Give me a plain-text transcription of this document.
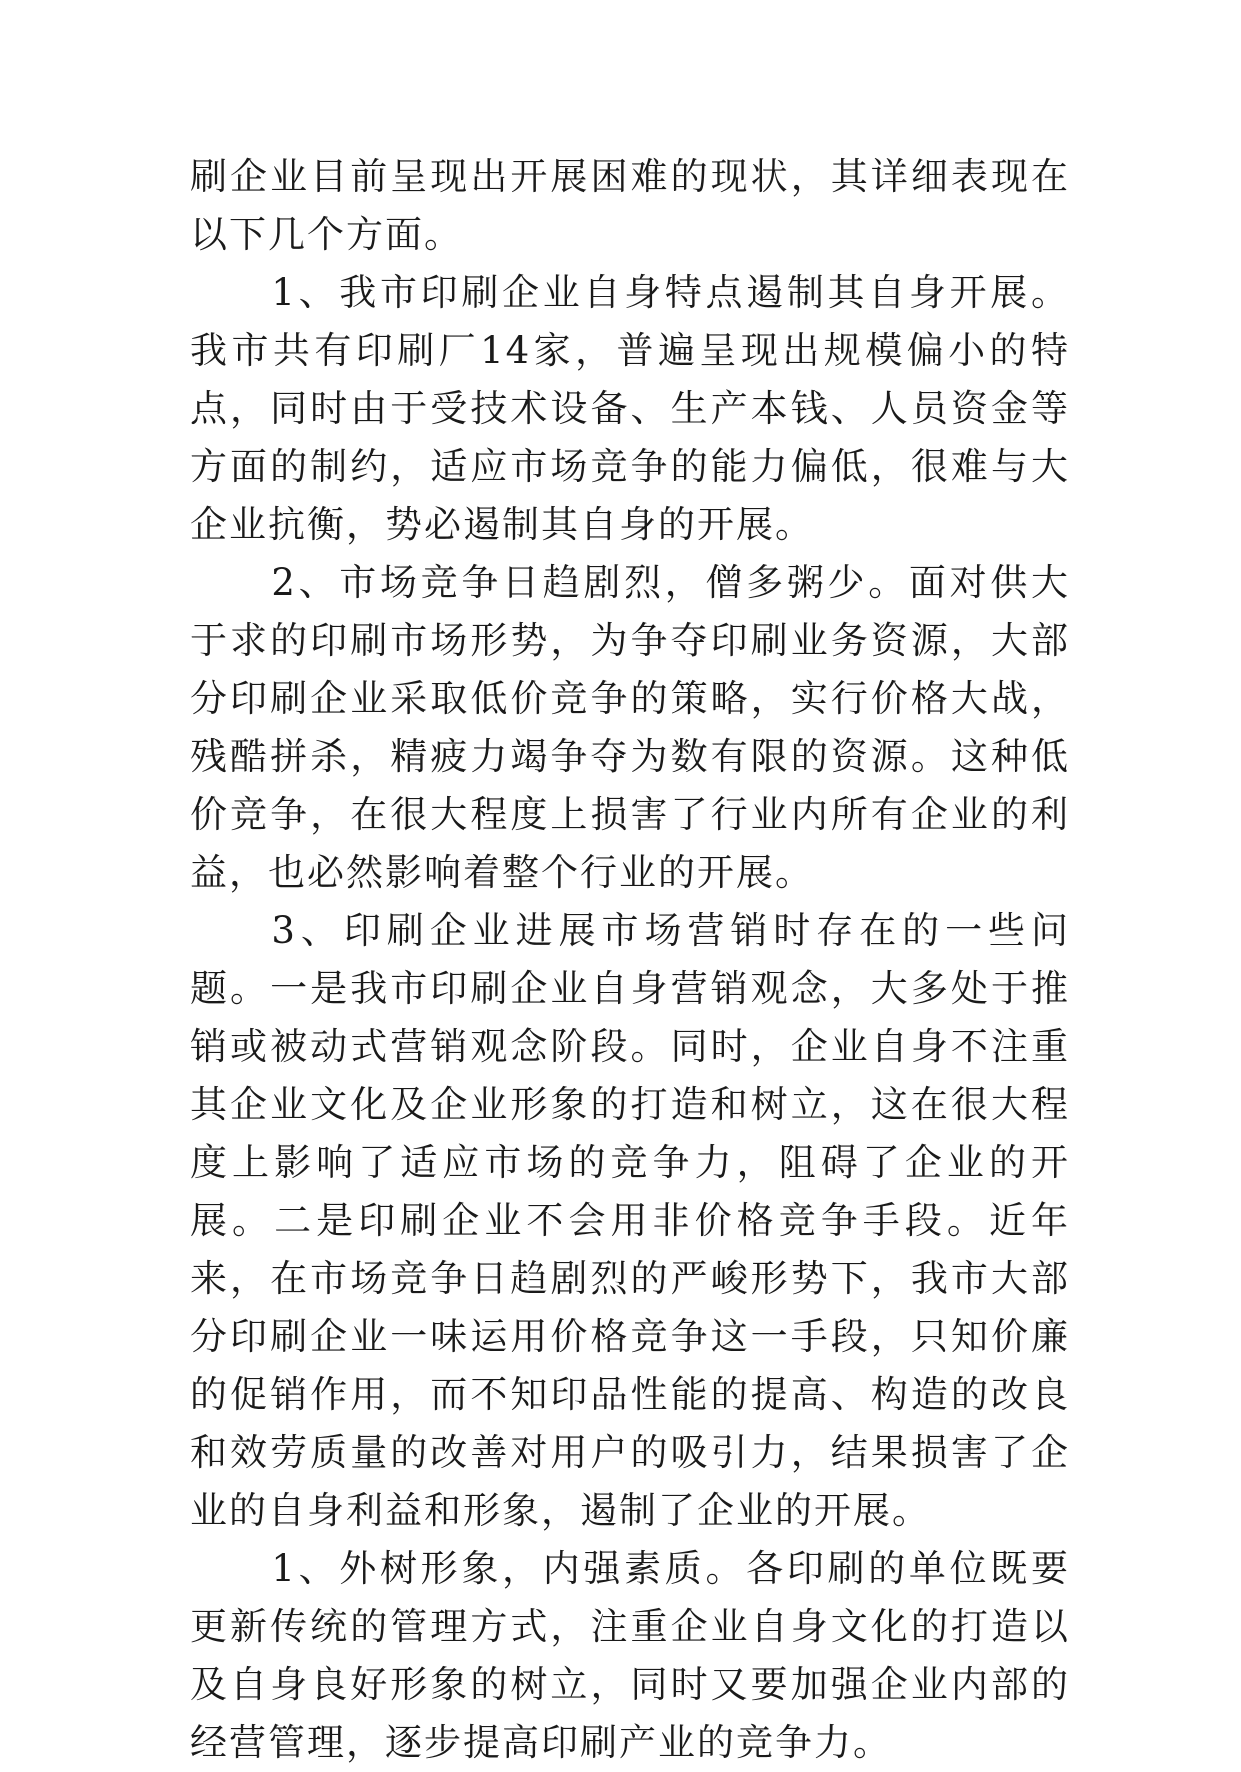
刷企业目前呈现出开展困难的现状，其详细表现在以下几个方面。

1、我市印刷企业自身特点遏制其自身开展。我市共有印刷厂14家，普遍呈现出规模偏小的特点，同时由于受技术设备、生产本钱、人员资金等方面的制约，适应市场竞争的能力偏低，很难与大企业抗衡，势必遏制其自身的开展。

2、市场竞争日趋剧烈，僧多粥少。面对供大于求的印刷市场形势，为争夺印刷业务资源，大部分印刷企业采取低价竞争的策略，实行价格大战，残酷拼杀，精疲力竭争夺为数有限的资源。这种低价竞争，在很大程度上损害了行业内所有企业的利益，也必然影响着整个行业的开展。

3、印刷企业进展市场营销时存在的一些问题。一是我市印刷企业自身营销观念，大多处于推销或被动式营销观念阶段。同时，企业自身不注重其企业文化及企业形象的打造和树立，这在很大程度上影响了适应市场的竞争力，阻碍了企业的开展。二是印刷企业不会用非价格竞争手段。近年来，在市场竞争日趋剧烈的严峻形势下，我市大部分印刷企业一味运用价格竞争这一手段，只知价廉的促销作用，而不知印品性能的提高、构造的改良和效劳质量的改善对用户的吸引力，结果损害了企业的自身利益和形象，遏制了企业的开展。

1、外树形象，内强素质。各印刷的单位既要更新传统的管理方式，注重企业自身文化的打造以及自身良好形象的树立，同时又要加强企业内部的经营管理，逐步提高印刷产业的竞争力。
